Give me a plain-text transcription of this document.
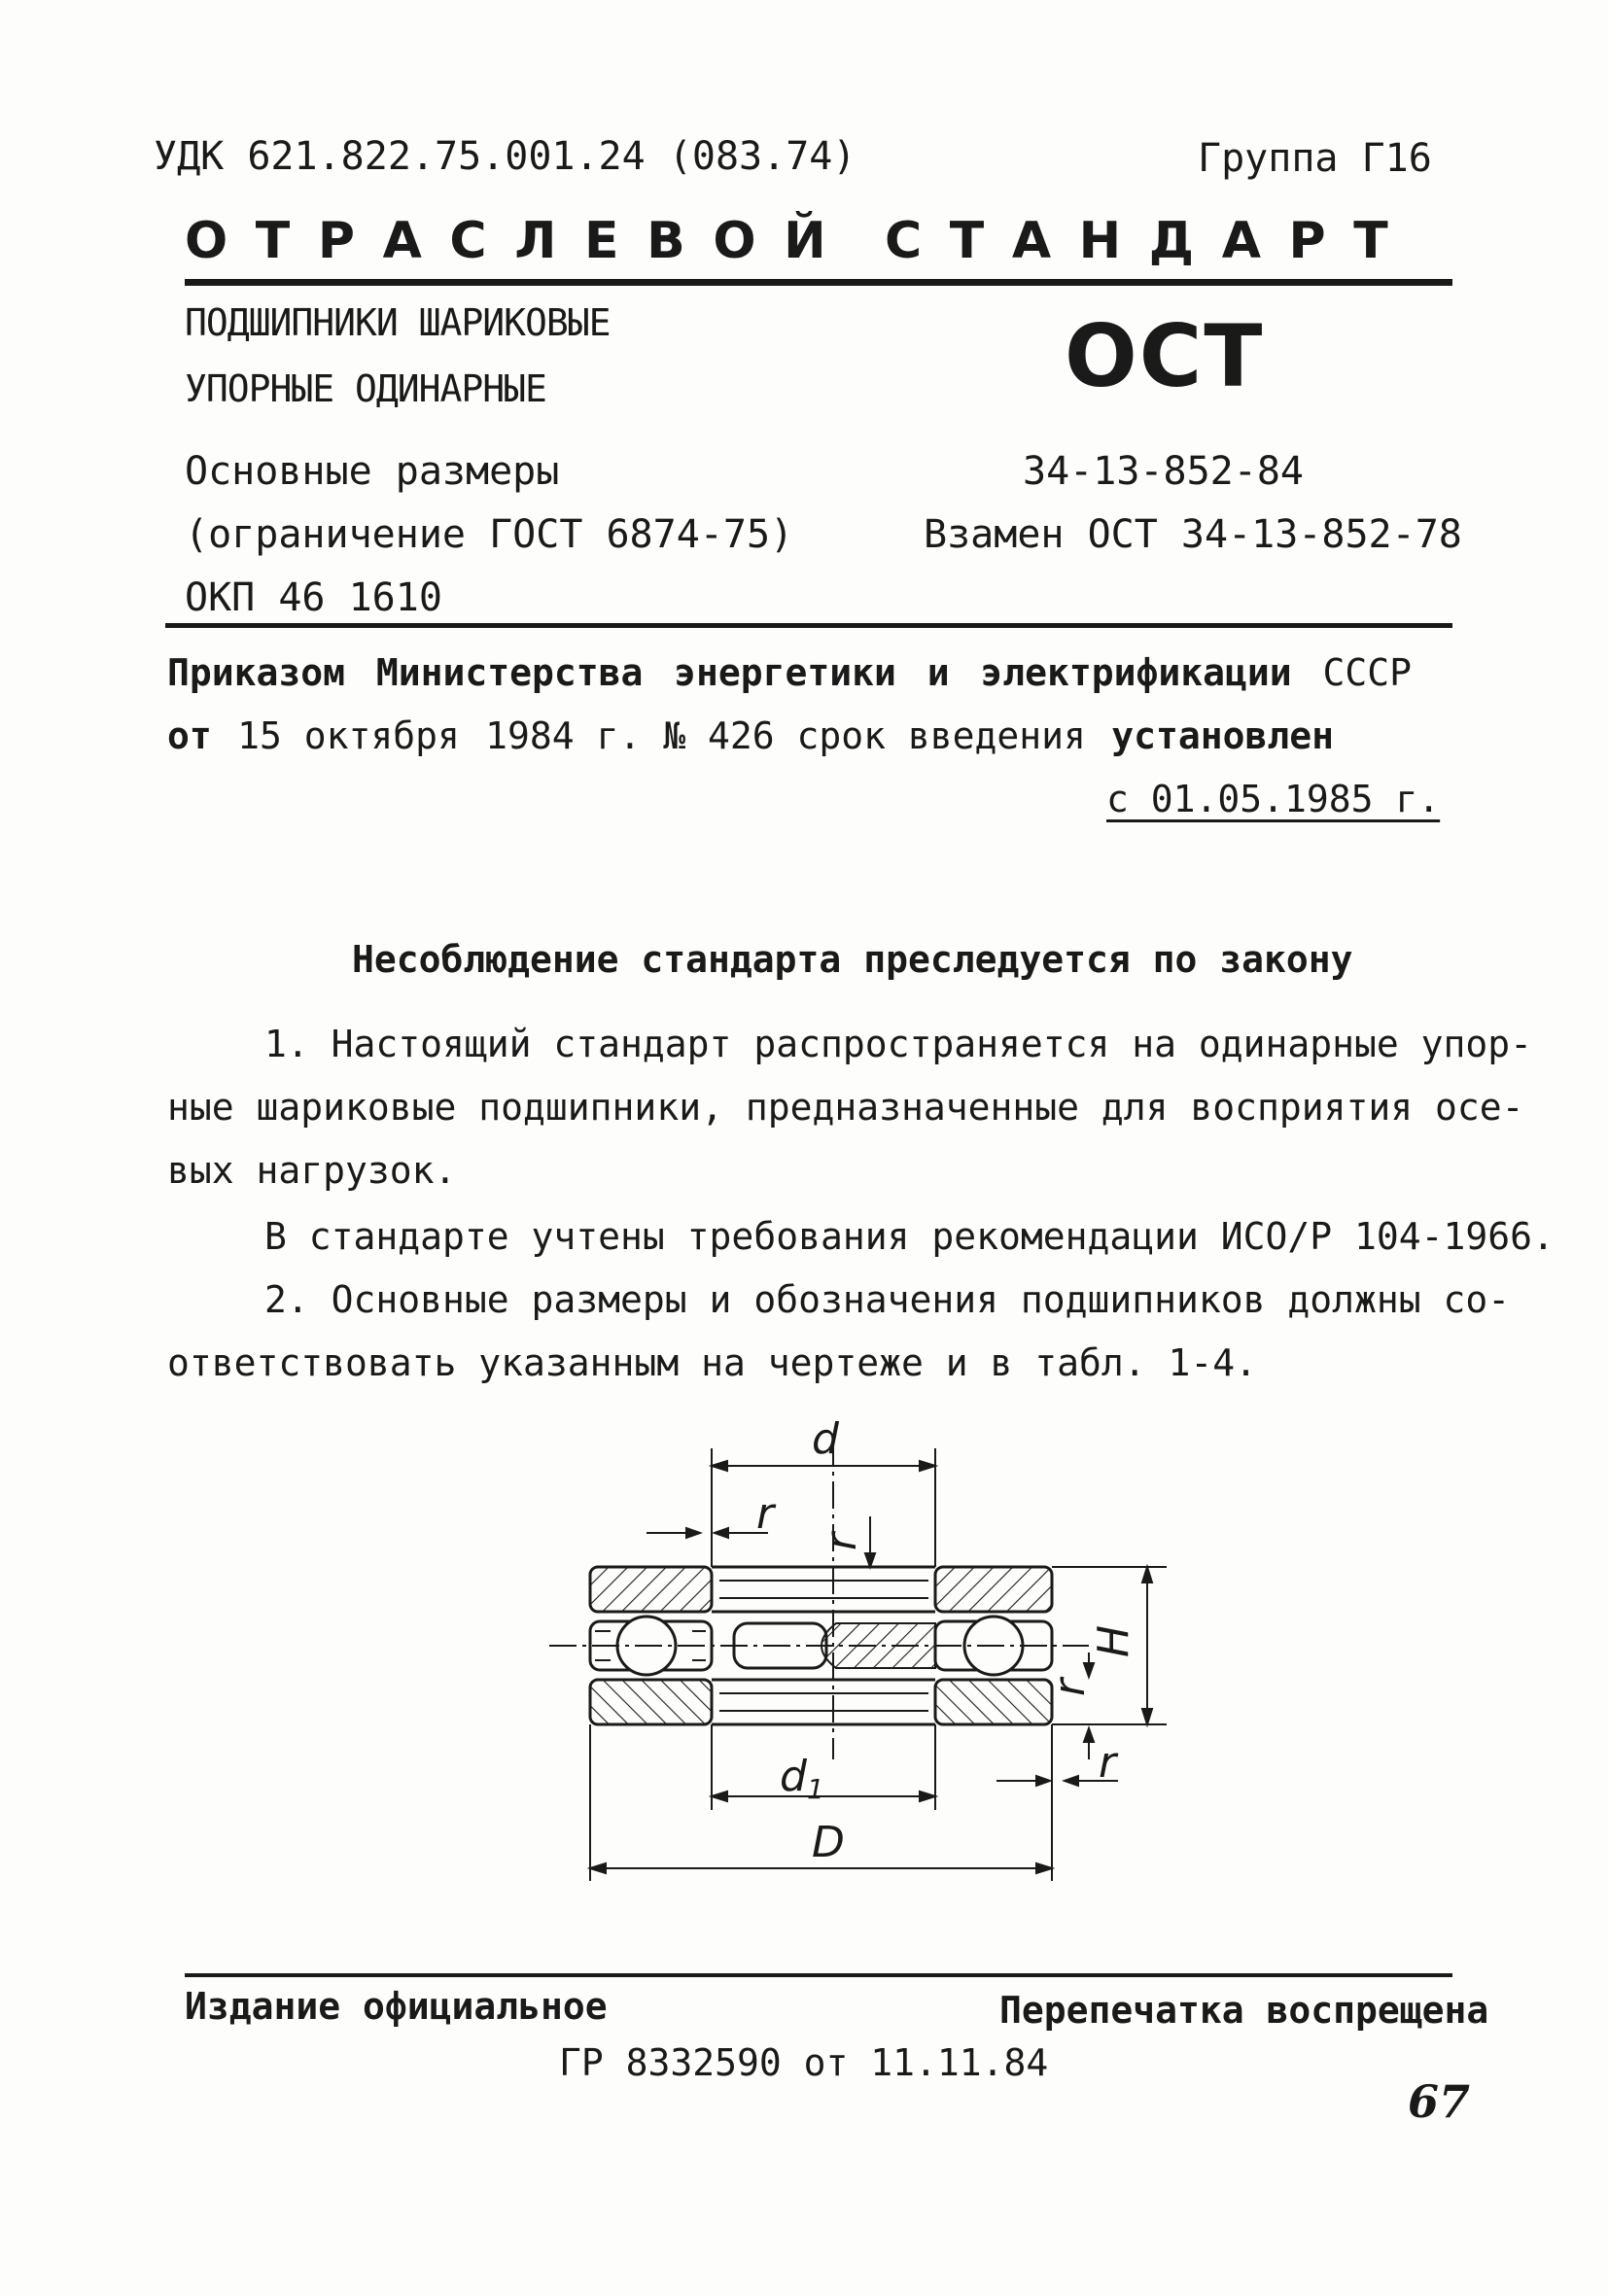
УДК 621.822.75.001.24 (083.74)	Группа Г16
ОТРАСЛЕВОЙ СТАНДАРТ
ПОДШИПНИКИ ШАРИКОВЫЕ
УПОРНЫЕ ОДИНАРНЫЕ	ОСТ
Основные размеры
(ограничение ГОСТ 6874-75)
ОКП 46 1610
34-13-852-84
Взамен ОСТ 34-13-852-78
Приказом Министерства энергетики и электрификации СССР
от 15 октября 1984 г. № 426 срок введения установлен
с 01.05.1985 г.
Несоблюдение стандарта преследуется по закону
1. Настоящий стандарт распространяется на одинарные упор-
ные шариковые подшипники, предназначенные для восприятия осе-
вых нагрузок.
В стандарте учтены требования рекомендации ИСО/Р 104-1966.
2. Основные размеры и обозначения подшипников должны со-
ответствовать указанным на чертеже и в табл. 1-4.
d
d1
D
H
r
r
r
r
Издание официальное	Перепечатка воспрещена
ГР 8332590 от 11.11.84
67
